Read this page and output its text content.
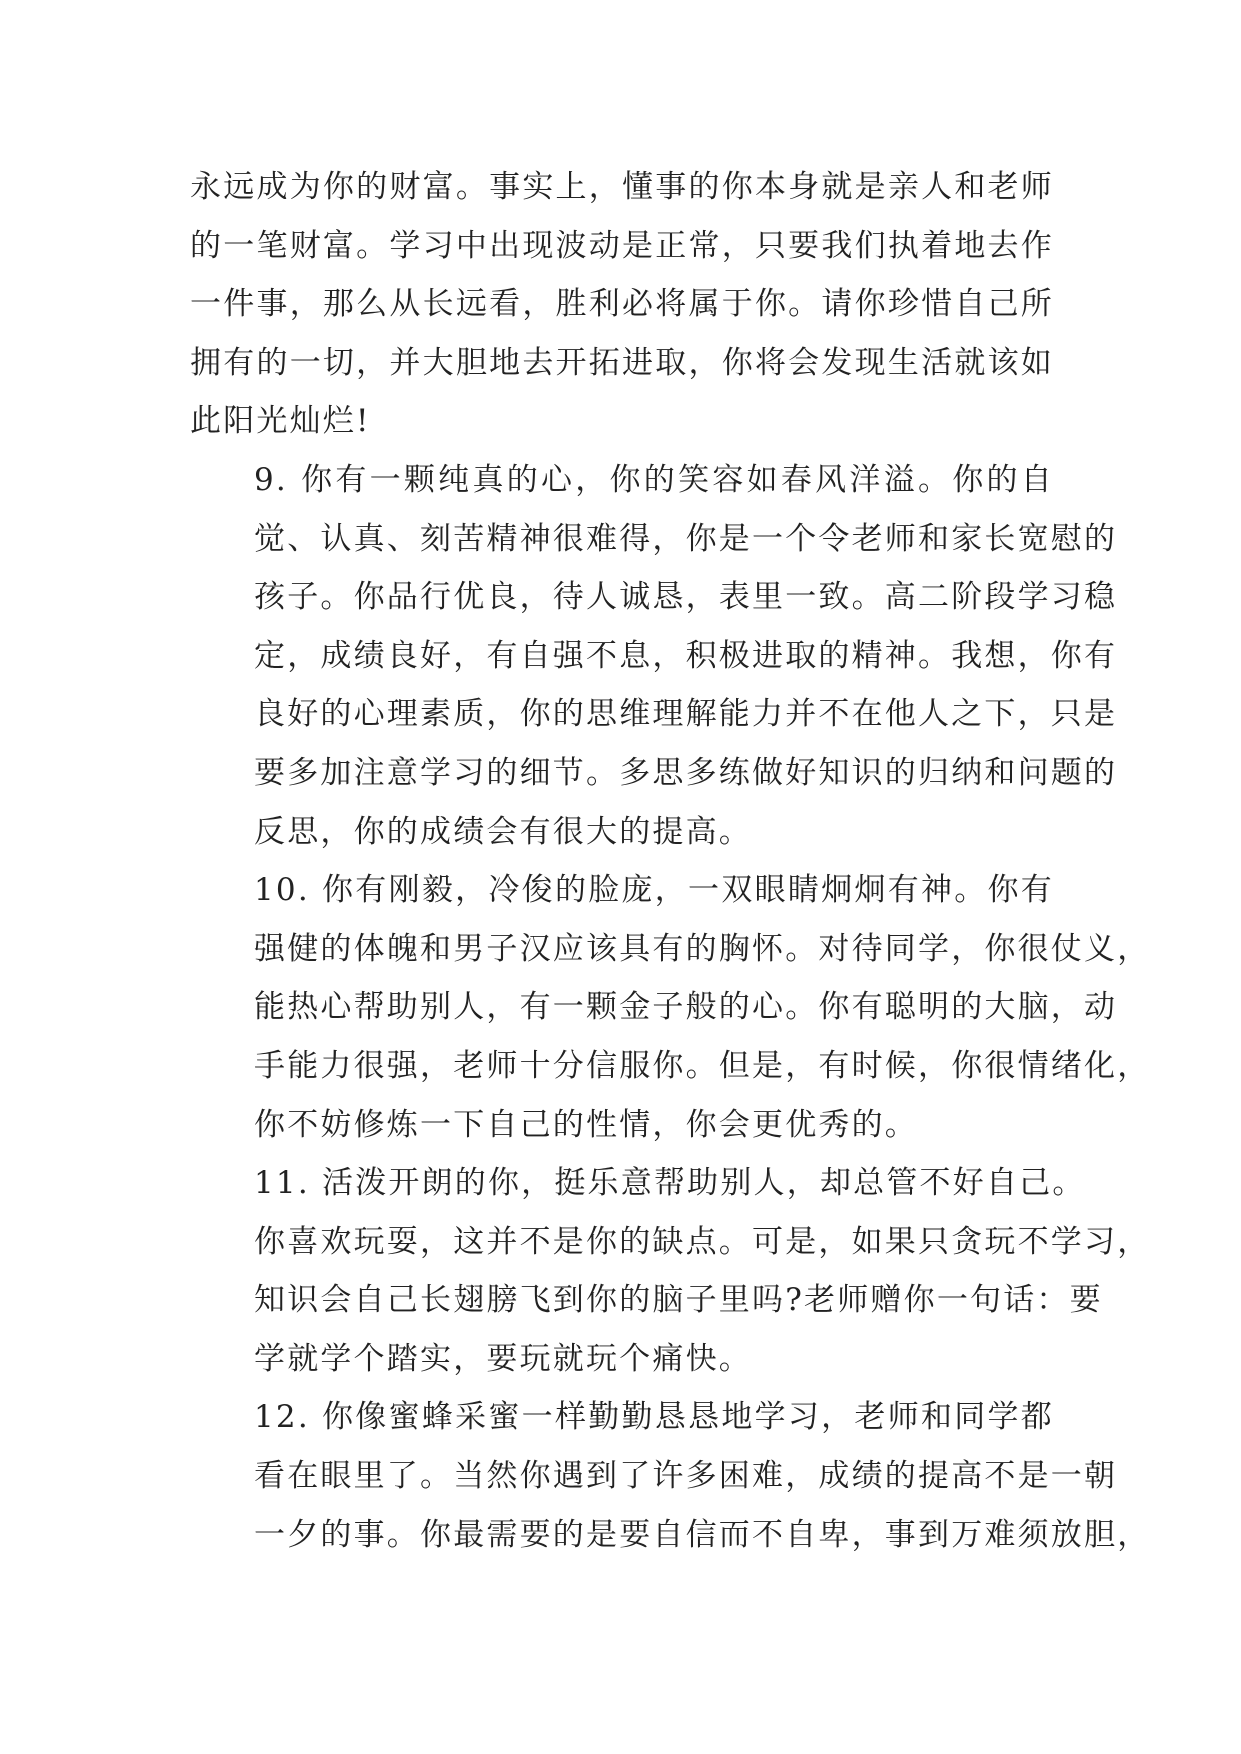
永远成为你的财富。事实上，懂事的你本身就是亲人和老师
的一笔财富。学习中出现波动是正常，只要我们执着地去作
一件事，那么从长远看，胜利必将属于你。请你珍惜自己所
拥有的一切，并大胆地去开拓进取，你将会发现生活就该如
此阳光灿烂!

9. 你有一颗纯真的心，你的笑容如春风洋溢。你的自
觉、认真、刻苦精神很难得，你是一个令老师和家长宽慰的
孩子。你品行优良，待人诚恳，表里一致。高二阶段学习稳
定，成绩良好，有自强不息，积极进取的精神。我想，你有
良好的心理素质，你的思维理解能力并不在他人之下，只是
要多加注意学习的细节。多思多练做好知识的归纳和问题的
反思，你的成绩会有很大的提高。

10. 你有刚毅，冷俊的脸庞，一双眼睛炯炯有神。你有
强健的体魄和男子汉应该具有的胸怀。对待同学，你很仗义，
能热心帮助别人，有一颗金子般的心。你有聪明的大脑，动
手能力很强，老师十分信服你。但是，有时候，你很情绪化，
你不妨修炼一下自己的性情，你会更优秀的。

11. 活泼开朗的你，挺乐意帮助别人，却总管不好自己。
你喜欢玩耍，这并不是你的缺点。可是，如果只贪玩不学习，
知识会自己长翅膀飞到你的脑子里吗?老师赠你一句话：要
学就学个踏实，要玩就玩个痛快。

12. 你像蜜蜂采蜜一样勤勤恳恳地学习，老师和同学都
看在眼里了。当然你遇到了许多困难，成绩的提高不是一朝
一夕的事。你最需要的是要自信而不自卑，事到万难须放胆，
